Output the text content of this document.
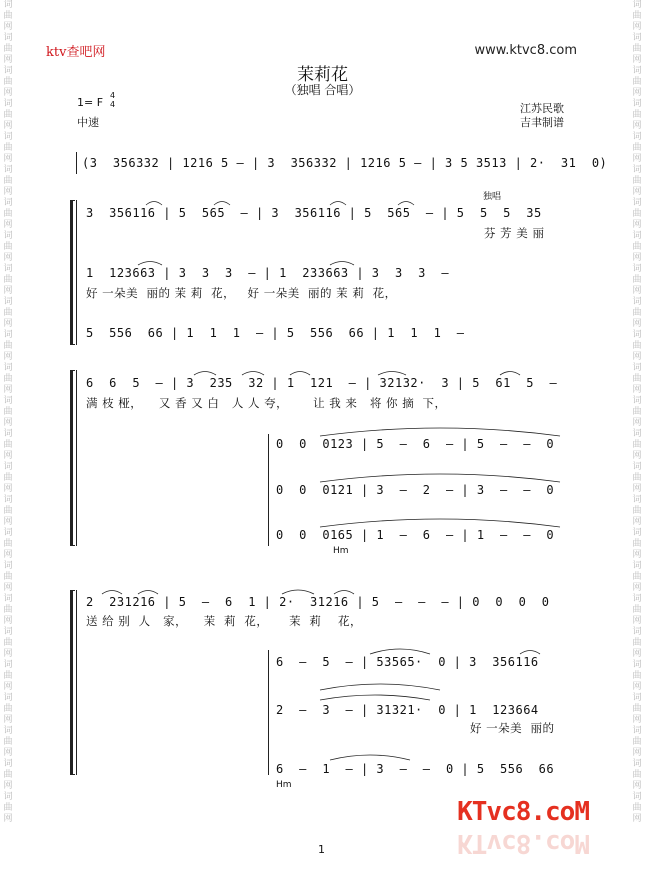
词曲网词曲网词曲网词曲网词曲网词曲网词曲网词曲网词曲网词曲网词曲网词曲网词曲网词曲网词曲网词曲网词曲网词曲网词曲网词曲网词曲网词曲网词曲网词曲网词曲网
词曲网词曲网词曲网词曲网词曲网词曲网词曲网词曲网词曲网词曲网词曲网词曲网词曲网词曲网词曲网词曲网词曲网词曲网词曲网词曲网词曲网词曲网词曲网词曲网词曲网
ktv查吧网	www.ktvc8.com
茉莉花
（独唱 合唱）
1= F
4
4
中速
江苏民歌
吉聿制谱
(3  356332 | 1216 5 – | 3  356332 | 1216 5 – | 3 5 3513 | 2·  31  0)
独唱
3  356116 | 5  565  – | 3  356116 | 5  565  – | 5  5  5  35
芬 芳 美 丽
1  123663 | 3  3  3  – | 1  233663 | 3  3  3  –
好 一朵美  丽的 茉 莉  花，   好 一朵美  丽的 茉 莉  花，
5  556  66 | 1  1  1  – | 5  556  66 | 1  1  1  –
6  6  5  – | 3  235  32 | 1  121  – | 32132·  3 | 5  61  5  –
满 枝 桠，    又 香 又 白   人 人 夸，      让 我 来   将 你 摘  下，
0  0  0123 | 5  –  6  – | 5  –  –  0
0  0  0121 | 3  –  2  – | 3  –  –  0
0  0  0165 | 1  –  6  – | 1  –  –  0
Hm
2  231216 | 5  –  6  1 | 2·  31216 | 5  –  –  – | 0  0  0  0
送 给 别  人   家，    茉  莉  花，     茉  莉    花，
6  –  5  – | 53565·  0 | 3  356116
2  –  3  – | 31321·  0 | 1  123664
好 一朵美  丽的
6  –  1  – | 3  –  –  0 | 5  556  66
Hm
1
KTvc8.coM
KTvc8.coM
